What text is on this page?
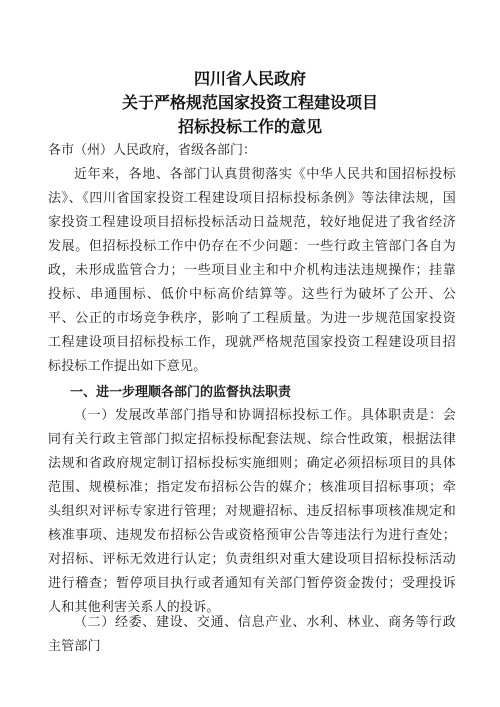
四川省人民政府
关于严格规范国家投资工程建设项目
招标投标工作的意见
各市（州）人民政府，省级各部门：
近年来，各地、各部门认真贯彻落实《中华人民共和国招标投标法》、《四川省国家投资工程建设项目招标投标条例》等法律法规，国家投资工程建设项目招标投标活动日益规范，较好地促进了我省经济发展。但招标投标工作中仍存在不少问题：一些行政主管部门各自为政，未形成监管合力；一些项目业主和中介机构违法违规操作；挂靠投标、串通围标、低价中标高价结算等。这些行为破坏了公开、公平、公正的市场竞争秩序，影响了工程质量。为进一步规范国家投资工程建设项目招标投标工作，现就严格规范国家投资工程建设项目招标投标工作提出如下意见。
一、进一步理顺各部门的监督执法职责
（一）发展改革部门指导和协调招标投标工作。具体职责是：会同有关行政主管部门拟定招标投标配套法规、综合性政策，根据法律法规和省政府规定制订招标投标实施细则；确定必须招标项目的具体范围、规模标准；指定发布招标公告的媒介；核准项目招标事项；牵头组织对评标专家进行管理；对规避招标、违反招标事项核准规定和核准事项、违规发布招标公告或资格预审公告等违法行为进行查处；对招标、评标无效进行认定；负责组织对重大建设项目招标投标活动进行稽查；暂停项目执行或者通知有关部门暂停资金拨付；受理投诉人和其他利害关系人的投诉。
（二）经委、建设、交通、信息产业、水利、林业、商务等行政主管部门
